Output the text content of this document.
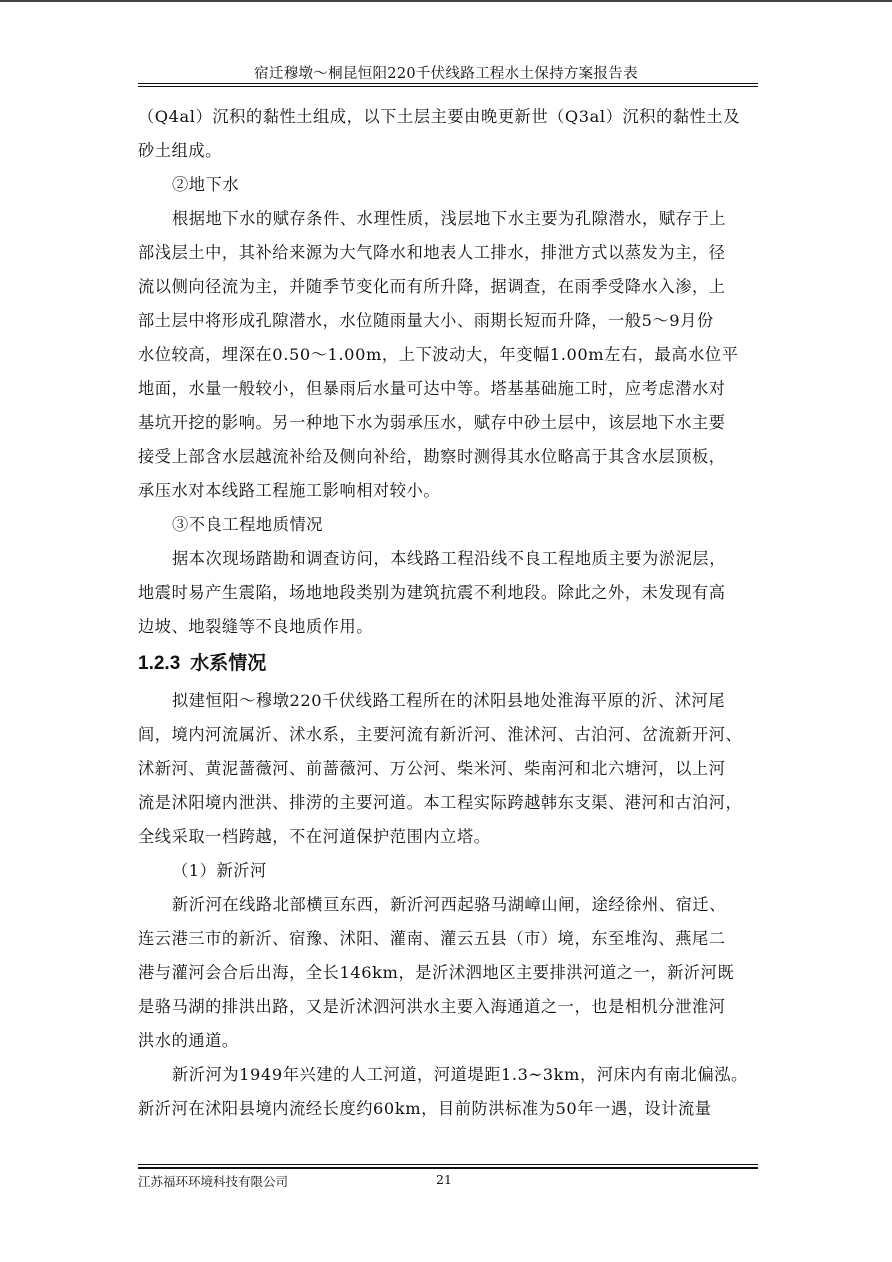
宿迁穆墩～桐昆恒阳220千伏线路工程水土保持方案报告表

（Q4al）沉积的黏性土组成，以下土层主要由晚更新世（Q3al）沉积的黏性土及

砂土组成。

②地下水

根据地下水的赋存条件、水理性质，浅层地下水主要为孔隙潜水，赋存于上

部浅层土中，其补给来源为大气降水和地表人工排水，排泄方式以蒸发为主，径

流以侧向径流为主，并随季节变化而有所升降，据调查，在雨季受降水入渗，上

部土层中将形成孔隙潜水，水位随雨量大小、雨期长短而升降，一般5～9月份

水位较高，埋深在0.50～1.00m，上下波动大，年变幅1.00m左右，最高水位平

地面，水量一般较小，但暴雨后水量可达中等。塔基基础施工时，应考虑潜水对

基坑开挖的影响。另一种地下水为弱承压水，赋存中砂土层中，该层地下水主要

接受上部含水层越流补给及侧向补给，勘察时测得其水位略高于其含水层顶板，

承压水对本线路工程施工影响相对较小。

③不良工程地质情况

据本次现场踏勘和调查访问，本线路工程沿线不良工程地质主要为淤泥层，

地震时易产生震陷，场地地段类别为建筑抗震不利地段。除此之外，未发现有高

边坡、地裂缝等不良地质作用。

1.2.3 水系情况

拟建恒阳～穆墩220千伏线路工程所在的沭阳县地处淮海平原的沂、沭河尾

闾，境内河流属沂、沭水系，主要河流有新沂河、淮沭河、古泊河、岔流新开河、

沭新河、黄泥蔷薇河、前蔷薇河、万公河、柴米河、柴南河和北六塘河，以上河

流是沭阳境内泄洪、排涝的主要河道。本工程实际跨越韩东支渠、港河和古泊河，

全线采取一档跨越，不在河道保护范围内立塔。

（1）新沂河

新沂河在线路北部横亘东西，新沂河西起骆马湖嶂山闸，途经徐州、宿迁、

连云港三市的新沂、宿豫、沭阳、灌南、灌云五县（市）境，东至堆沟、燕尾二

港与灌河会合后出海，全长146km，是沂沭泗地区主要排洪河道之一，新沂河既

是骆马湖的排洪出路，又是沂沭泗河洪水主要入海通道之一，也是相机分泄淮河

洪水的通道。

新沂河为1949年兴建的人工河道，河道堤距1.3~3km，河床内有南北偏泓。

新沂河在沭阳县境内流经长度约60km，目前防洪标准为50年一遇，设计流量

江苏福环环境科技有限公司	21
